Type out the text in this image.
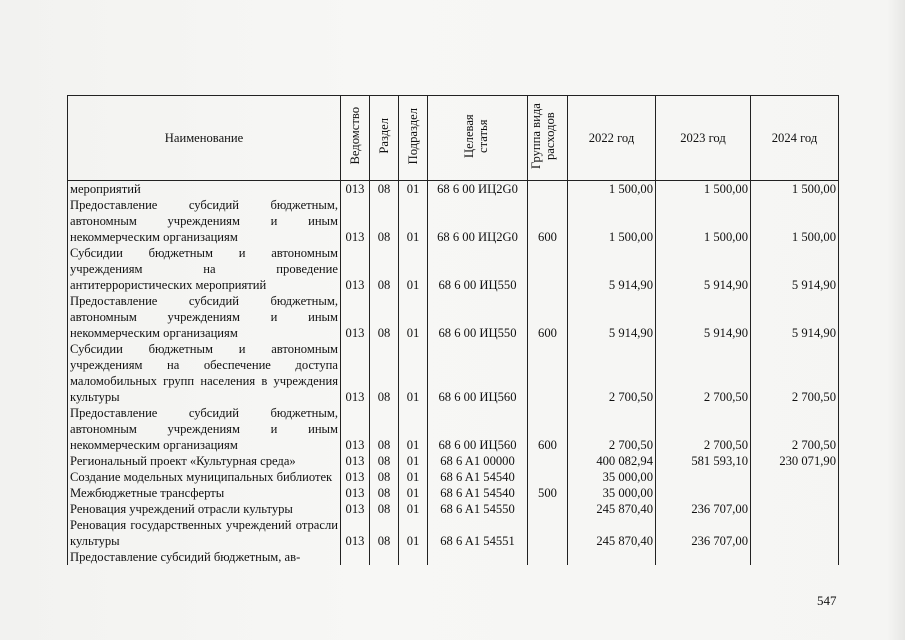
Наименование	Ведомство	Раздел	Подраздел	Целевая статья	Группа вида расходов	2022 год	2023 год	2024 год
мероприятий	013	08	01	68 6 00 ИЦ2G0		1 500,00	1 500,00	1 500,00
Предоставление субсидий бюджетным, автономным учреждениям и иным некоммерческим организациям	013	08	01	68 6 00 ИЦ2G0	600	1 500,00	1 500,00	1 500,00
Субсидии бюджетным и автономным учреждениям на проведение антитеррористических мероприятий	013	08	01	68 6 00 ИЦ550		5 914,90	5 914,90	5 914,90
Предоставление субсидий бюджетным, автономным учреждениям и иным некоммерческим организациям	013	08	01	68 6 00 ИЦ550	600	5 914,90	5 914,90	5 914,90
Субсидии бюджетным и автономным учреждениям на обеспечение доступа маломобильных групп населения в учреждения культуры	013	08	01	68 6 00 ИЦ560		2 700,50	2 700,50	2 700,50
Предоставление субсидий бюджетным, автономным учреждениям и иным некоммерческим организациям	013	08	01	68 6 00 ИЦ560	600	2 700,50	2 700,50	2 700,50
Региональный проект «Культурная среда»	013	08	01	68 6 A1 00000		400 082,94	581 593,10	230 071,90
Создание модельных муниципальных библиотек	013	08	01	68 6 A1 54540		35 000,00		
Межбюджетные трансферты	013	08	01	68 6 A1 54540	500	35 000,00		
Реновация учреждений отрасли культуры	013	08	01	68 6 A1 54550		245 870,40	236 707,00	
Реновация государственных учреждений отрасли культуры	013	08	01	68 6 A1 54551		245 870,40	236 707,00	
Предоставление субсидий бюджетным, ав-								
547
